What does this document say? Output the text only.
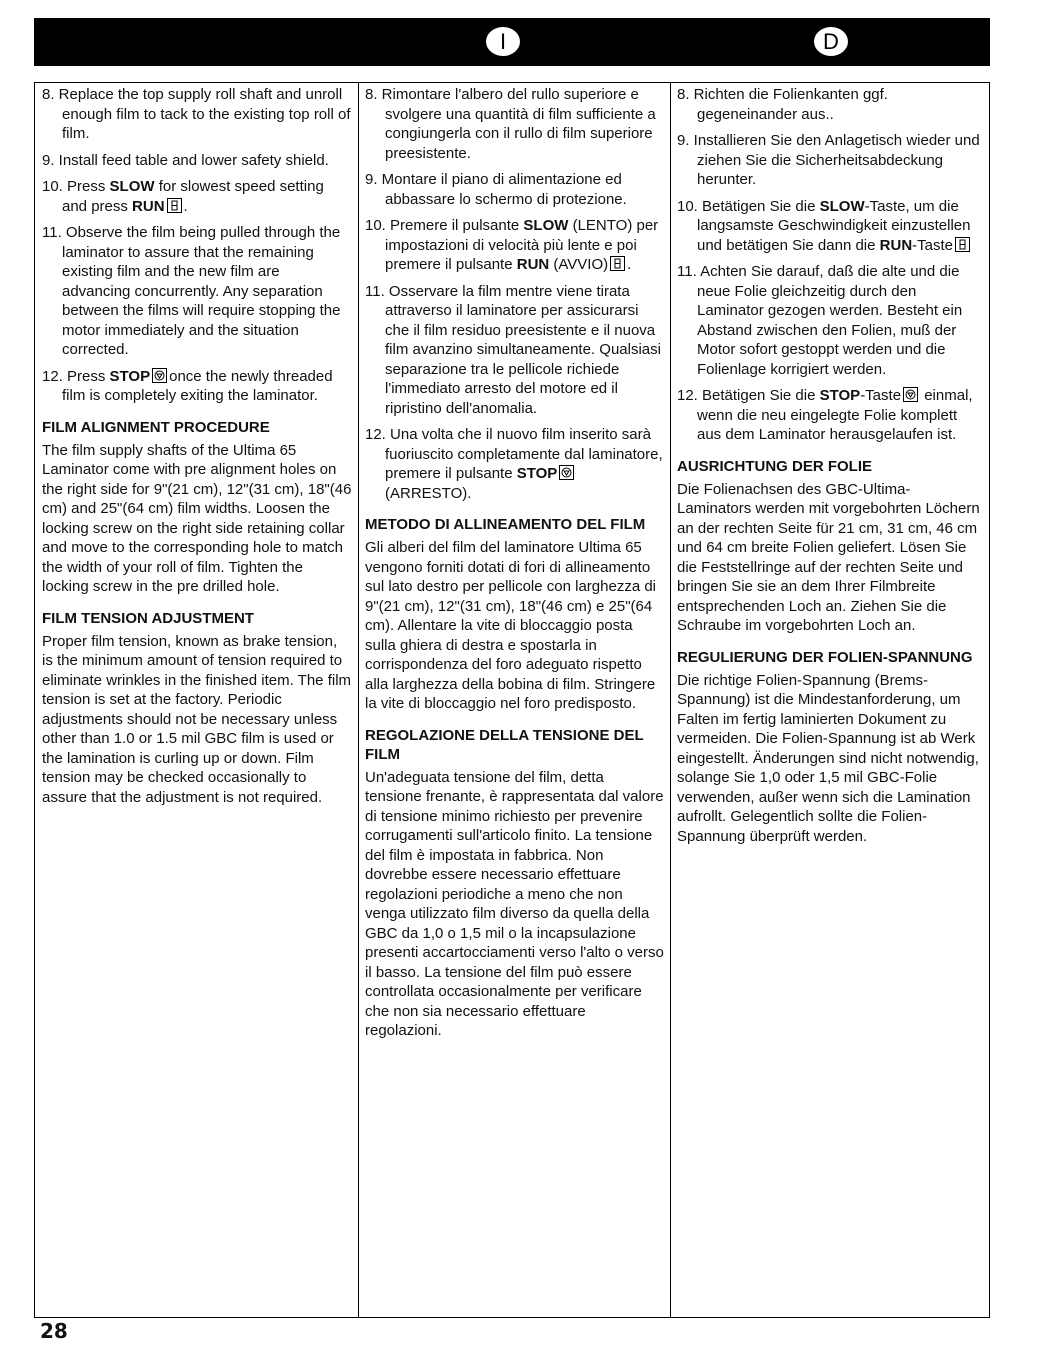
I	D

8. Replace the top supply roll shaft and unroll enough film to tack to the existing top roll of film.

9. Install feed table and lower safety shield.

10. Press SLOW for slowest speed setting and press RUN .

11. Observe the film being pulled through the laminator to assure that the remaining existing film and the new film are advancing concurrently. Any separation between the films will require stopping the motor immediately and the situation corrected.

12. Press STOP once the newly threaded film is completely exiting the laminator.

FILM ALIGNMENT PROCEDURE

The film supply shafts of the Ultima 65 Laminator come with pre alignment holes on the right side for 9"(21 cm), 12"(31 cm), 18"(46 cm) and 25"(64 cm) film widths. Loosen the locking screw on the right side retaining collar and move to the corresponding hole to match the width of your roll of film. Tighten the locking screw in the pre drilled hole.

FILM TENSION ADJUSTMENT

Proper film tension, known as brake tension, is the minimum amount of tension required to eliminate wrinkles in the finished item. The film tension is set at the factory. Periodic adjustments should not be necessary unless other than 1.0 or 1.5 mil GBC film is used or the lamination is curling up or down. Film tension may be checked occasionally to assure that the adjustment is not required.

8. Rimontare l'albero del rullo superiore e svolgere una quantità di film sufficiente a congiungerla con il rullo di film superiore preesistente.

9. Montare il piano di alimentazione ed abbassare lo schermo di protezione.

10. Premere il pulsante SLOW (LENTO) per impostazioni di velocità più lente e poi premere il pulsante RUN (AVVIO) .

11. Osservare la film mentre viene tirata attraverso il laminatore per assicurarsi che il film residuo preesistente e il nuova film avanzino simultaneamente. Qualsiasi separazione tra le pellicole richiede l'immediato arresto del motore ed il ripristino dell'anomalia.

12. Una volta che il nuovo film inserito sarà fuoriuscito completamente dal laminatore, premere il pulsante STOP
(ARRESTO).

METODO DI ALLINEAMENTO DEL FILM

Gli alberi del film del laminatore Ultima 65 vengono forniti dotati di fori di allineamento sul lato destro per pellicole con larghezza di 9"(21 cm), 12"(31 cm), 18"(46 cm) e 25"(64 cm). Allentare la vite di bloccaggio posta sulla ghiera di destra e spostarla in corrispondenza del foro adeguato rispetto alla larghezza della bobina di film. Stringere la vite di bloccaggio nel foro predisposto.

REGOLAZIONE DELLA TENSIONE DEL FILM

Un'adeguata tensione del film, detta tensione frenante, è rappresentata dal valore di tensione minimo richiesto per prevenire corrugamenti sull'articolo finito. La tensione del film è impostata in fabbrica. Non dovrebbe essere necessario effettuare regolazioni periodiche a meno che non venga utilizzato film diverso da quella della GBC da 1,0 o 1,5 mil o la incapsulazione presenti accartocciamenti verso l'alto o verso il basso. La tensione del film può essere controllata occasionalmente per verificare che non sia necessario effettuare regolazioni.

8. Richten die Folienkanten ggf. gegeneinander aus..

9. Installieren Sie den Anlagetisch wieder und ziehen Sie die Sicherheitsabdeckung herunter.

10. Betätigen Sie die SLOW-Taste, um die langsamste Geschwindigkeit einzustellen und betätigen Sie dann die RUN-Taste

11. Achten Sie darauf, daß die alte und die neue Folie gleichzeitig durch den Laminator gezogen werden. Besteht ein Abstand zwischen den Folien, muß der Motor sofort gestoppt werden und die Folienlage korrigiert werden.

12. Betätigen Sie die STOP-Taste
einmal, wenn die neu eingelegte Folie komplett aus dem Laminator herausgelaufen ist.

AUSRICHTUNG DER FOLIE

Die Folienachsen des GBC-Ultima-Laminators werden mit vorgebohrten Löchern an der rechten Seite für 21 cm, 31 cm, 46 cm und 64 cm breite Folien geliefert. Lösen Sie die Feststellringe auf der rechten Seite und bringen Sie sie an dem Ihrer Filmbreite entsprechenden Loch an. Ziehen Sie die Schraube im vorgebohrten Loch an.

REGULIERUNG DER FOLIEN-SPANNUNG

Die richtige Folien-Spannung (Brems-Spannung) ist die Mindestanforderung, um Falten im fertig laminierten Dokument zu vermeiden. Die Folien-Spannung ist ab Werk eingestellt. Änderungen sind nicht notwendig, solange Sie 1,0 oder 1,5 mil GBC-Folie verwenden, außer wenn sich die Lamination aufrollt. Gelegentlich sollte die Folien-Spannung überprüft werden.

28
